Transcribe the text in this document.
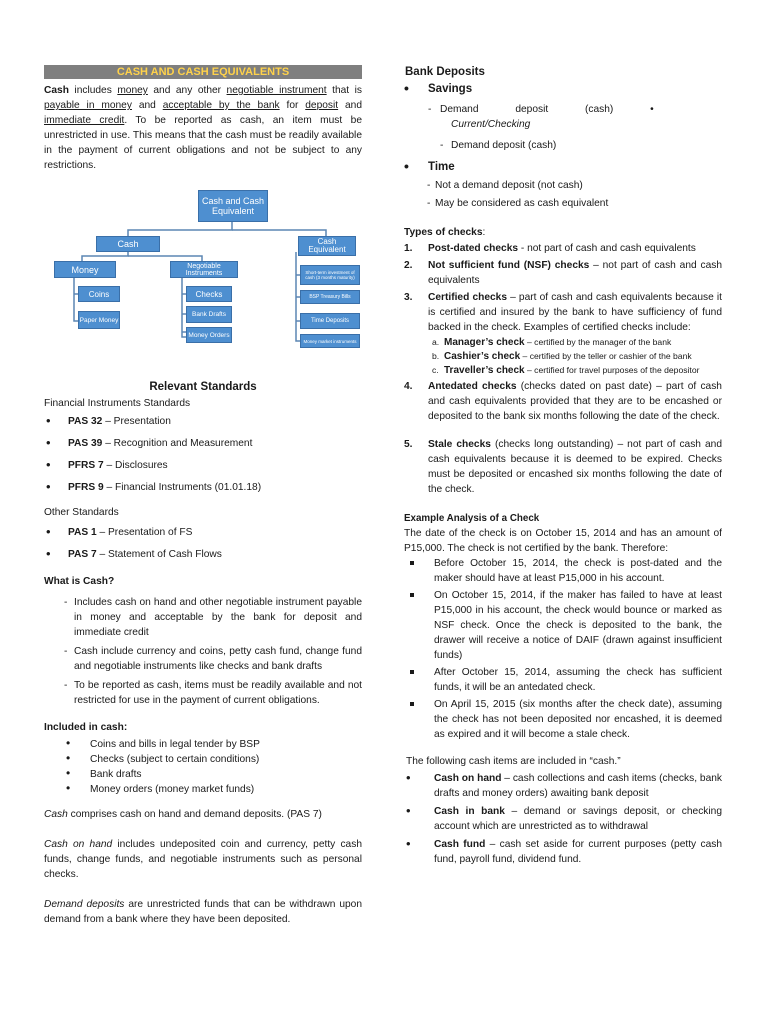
CASH AND CASH EQUIVALENTS
Cash includes money and any other negotiable instrument that is payable in money and acceptable by the bank for deposit and immediate credit. To be reported as cash, an item must be unrestricted in use. This means that the cash must be readily available in the payment of current obligations and not be subject to any restrictions.
Relevant Standards
Financial Instruments Standards
• PAS 32 – Presentation
• PAS 39 – Recognition and Measurement
• PFRS 7 – Disclosures
• PFRS 9 – Financial Instruments (01.01.18)
Other Standards
• PAS 1 – Presentation of FS
• PAS 7 – Statement of Cash Flows
What is Cash?
- Includes cash on hand and other negotiable instrument payable in money and acceptable by the bank for deposit and immediate credit
- Cash include currency and coins, petty cash fund, change fund and negotiable instruments like checks and bank drafts
- To be reported as cash, items must be readily available and not restricted for use in the payment of current obligations.
Included in cash:
• Coins and bills in legal tender by BSP
• Checks (subject to certain conditions)
• Bank drafts
• Money orders (money market funds)
Cash comprises cash on hand and demand deposits. (PAS 7)
Cash on hand includes undeposited coin and currency, petty cash funds, change funds, and negotiable instruments such as personal checks.
Demand deposits are unrestricted funds that can be withdrawn upon demand from a bank where they have been deposited.
Cash and Cash Equivalent
Cash	Cash Equivalent
Money	Negotiable Instruments
Coins
Paper Money
Checks
Bank Drafts
Money Orders
Short-term investment of cash (3 months maturity)
BSP Treasury Bills
Time Deposits
Money market instruments
Bank Deposits
• Savings
- Demand deposit (cash) •
Current/Checking
- Demand deposit (cash)
• Time
- Not a demand deposit (not cash)
- May be considered as cash equivalent
Types of checks:
1. Post-dated checks - not part of cash and cash equivalents
2. Not sufficient fund (NSF) checks – not part of cash and cash equivalents
3. Certified checks – part of cash and cash equivalents because it is certified and insured by the bank to have sufficiency of fund backed in the check. Examples of certified checks include:
a. Manager’s check – certified by the manager of the bank
b. Cashier’s check – certified by the teller or cashier of the bank
c. Traveller’s check – certified for travel purposes of the depositor
4. Antedated checks (checks dated on past date) – part of cash and cash equivalents provided that they are to be encashed or deposited to the bank six months following the date of the check.
5. Stale checks (checks long outstanding) – not part of cash and cash equivalents because it is deemed to be expired. Checks must be deposited or encashed six months following the date of the check.
Example Analysis of a Check
The date of the check is on October 15, 2014 and has an amount of P15,000. The check is not certified by the bank. Therefore:
Before October 15, 2014, the check is post-dated and the maker should have at least P15,000 in his account.
On October 15, 2014, if the maker has failed to have at least P15,000 in his account, the check would bounce or marked as NSF check. Once the check is deposited to the bank, the drawer will receive a notice of DAIF (drawn against insufficient funds)
After October 15, 2014, assuming the check has sufficient funds, it will be an antedated check.
On April 15, 2015 (six months after the check date), assuming the check has not been deposited nor encashed, it is deemed as expired and it will become a stale check.
The following cash items are included in “cash.”
• Cash on hand – cash collections and cash items (checks, bank drafts and money orders) awaiting bank deposit
• Cash in bank – demand or savings deposit, or checking account which are unrestricted as to withdrawal
• Cash fund – cash set aside for current purposes (petty cash fund, payroll fund, dividend fund.
